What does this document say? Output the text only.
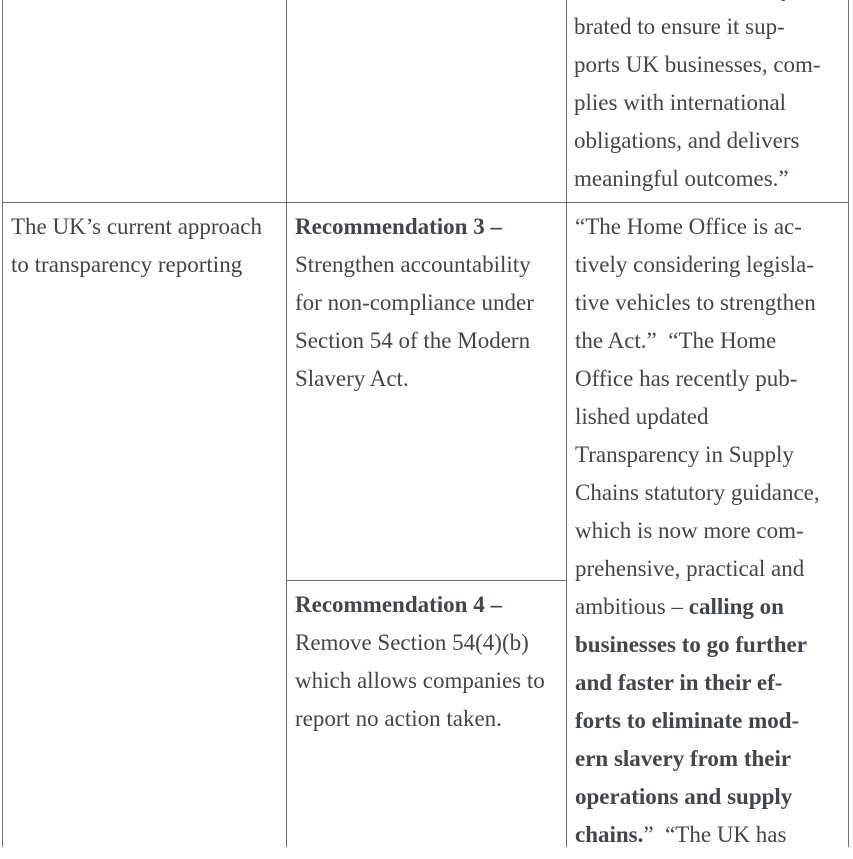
brated to ensure it sup-
ports UK businesses, com-
plies with international
obligations, and delivers
meaningful outcomes.”
The UK’s current approach
to transparency reporting
Recommendation 3 –
Strengthen accountability
for non-compliance under
Section 54 of the Modern
Slavery Act.
Recommendation 4 –
Remove Section 54(4)(b)
which allows companies to
report no action taken.
“The Home Office is ac-
tively considering legisla-
tive vehicles to strengthen
the Act.”  “The Home
Office has recently pub-
lished updated
Transparency in Supply
Chains statutory guidance,
which is now more com-
prehensive, practical and
ambitious – calling on
businesses to go further
and faster in their ef-
forts to eliminate mod-
ern slavery from their
operations and supply
chains.”  “The UK has
